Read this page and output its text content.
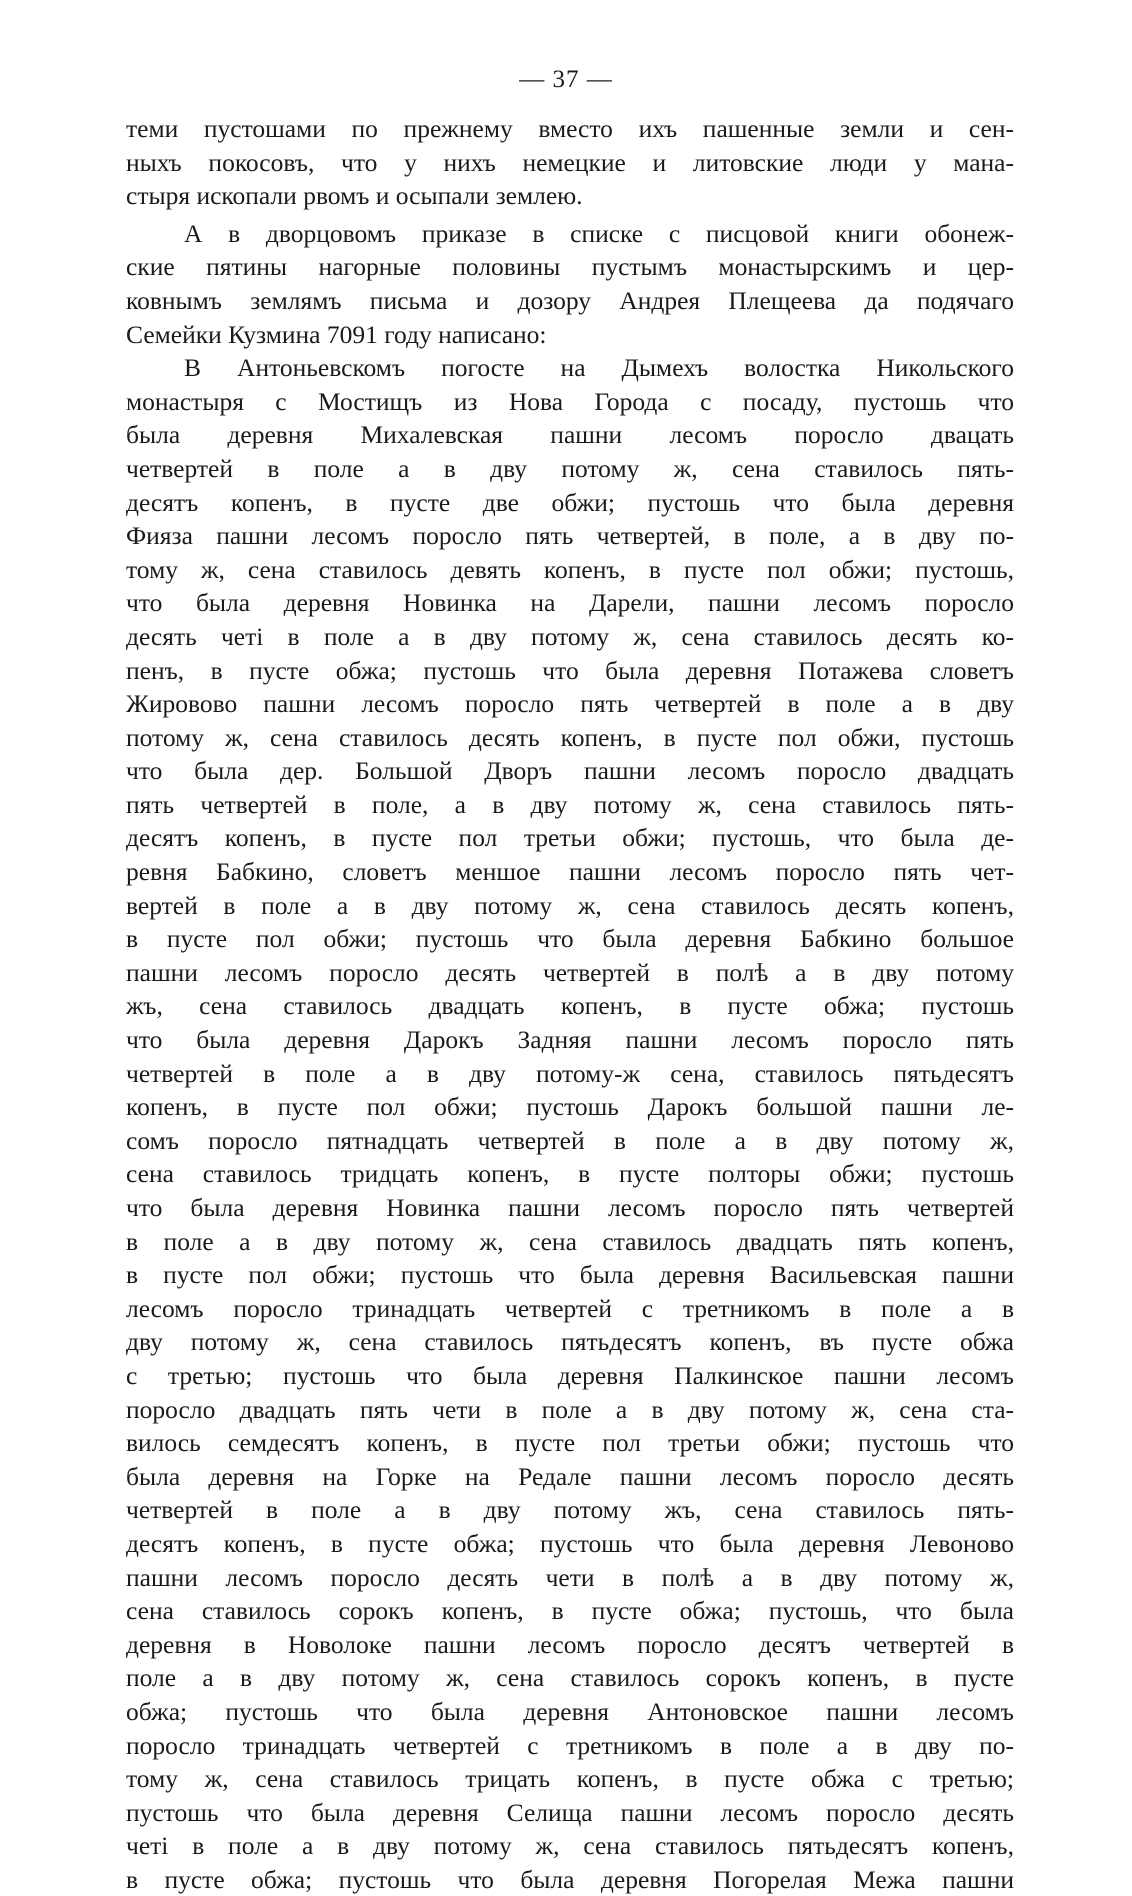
— 37 —
теми пустошами по прежнему вместо ихъ пашенные земли и сен-
ныхъ покосовъ, что у нихъ немецкие и литовские люди у мана-
стыря ископали рвомъ и осыпали землею.
А в дворцовомъ приказе в списке с писцовой книги обонеж-
ские пятины нагорные половины пустымъ монастырскимъ и цер-
ковнымъ землямъ письма и дозору Андрея Плещеева да подячаго
Семейки Кузмина 7091 году написано:
В Антоньевскомъ погосте на Дымехъ волостка Никольского
монастыря с Мостищъ из Нова Города с посаду, пустошь что
была деревня Михалевская пашни лесомъ поросло двацать
четвертей в поле а в дву потому ж, сена ставилось пять-
десятъ копенъ, в пусте две обжи; пустошь что была деревня
Фияза пашни лесомъ поросло пять четвертей, в поле, а в дву по-
тому ж, сена ставилось девять копенъ, в пусте пол обжи; пустошь,
что была деревня Новинка на Дарели, пашни лесомъ поросло
десять четі в поле а в дву потому ж, сена ставилось десять ко-
пенъ, в пусте обжа; пустошь что была деревня Потажева словетъ
Жировово пашни лесомъ поросло пять четвертей в поле а в дву
потому ж, сена ставилось десять копенъ, в пусте пол обжи, пустошь
что была дер. Большой Дворъ пашни лесомъ поросло двадцать
пять четвертей в поле, а в дву потому ж, сена ставилось пять-
десятъ копенъ, в пусте пол третьи обжи; пустошь, что была де-
ревня Бабкино, словетъ меншое пашни лесомъ поросло пять чет-
вертей в поле а в дву потому ж, сена ставилось десять копенъ,
в пусте пол обжи; пустошь что была деревня Бабкино большое
пашни лесомъ поросло десять четвертей в полѣ а в дву потому
жъ, сена ставилось двадцать копенъ, в пусте обжа; пустошь
что была деревня Дарокъ Задняя пашни лесомъ поросло пять
четвертей в поле а в дву потому-ж сена, ставилось пятьдесятъ
копенъ, в пусте пол обжи; пустошь Дарокъ большой пашни ле-
сомъ поросло пятнадцать четвертей в поле а в дву потому ж,
сена ставилось тридцать копенъ, в пусте полторы обжи; пустошь
что была деревня Новинка пашни лесомъ поросло пять четвертей
в поле а в дву потому ж, сена ставилось двадцать пять копенъ,
в пусте пол обжи; пустошь что была деревня Васильевская пашни
лесомъ поросло тринадцать четвертей с третникомъ в поле а в
дву потому ж, сена ставилось пятьдесятъ копенъ, въ пусте обжа
с третью; пустошь что была деревня Палкинское пашни лесомъ
поросло двадцать пять чети в поле а в дву потому ж, сена ста-
вилось семдесятъ копенъ, в пусте пол третьи обжи; пустошь что
была деревня на Горке на Редале пашни лесомъ поросло десять
четвертей в поле а в дву потому жъ, сена ставилось пять-
десятъ копенъ, в пусте обжа; пустошь что была деревня Левоново
пашни лесомъ поросло десять чети в полѣ а в дву потому ж,
сена ставилось сорокъ копенъ, в пусте обжа; пустошь, что была
деревня в Новолоке пашни лесомъ поросло десятъ четвертей в
поле а в дву потому ж, сена ставилось сорокъ копенъ, в пусте
обжа; пустошь что была деревня Антоновское пашни лесомъ
поросло тринадцать четвертей с третникомъ в поле а в дву по-
тому ж, сена ставилось трицать копенъ, в пусте обжа с третью;
пустошь что была деревня Селища пашни лесомъ поросло десять
четі в поле а в дву потому ж, сена ставилось пятьдесятъ копенъ,
в пусте обжа; пустошь что была деревня Погорелая Межа пашни
